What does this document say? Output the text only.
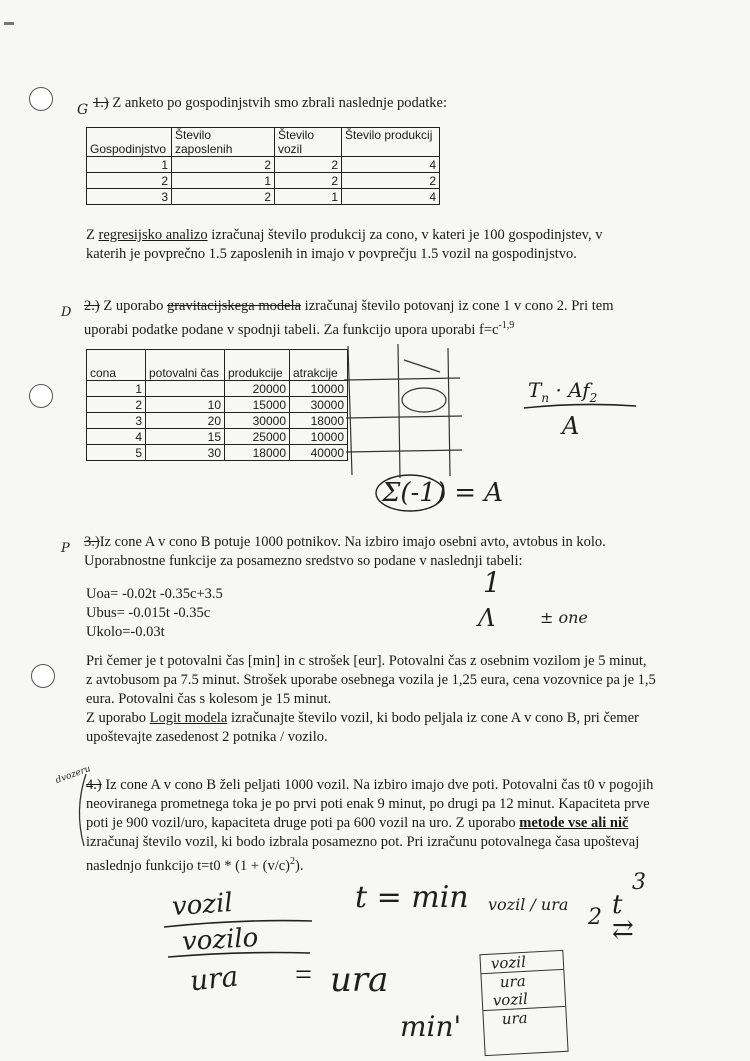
G 1.) Z anketo po gospodinjstvih smo zbrali naslednje podatke:
Gospodinjstvo	Število zaposlenih	Število vozil	Število produkcij
1	2	2	4
2	1	2	2
3	2	1	4
Z regresijsko analizo izračunaj število produkcij za cono, v kateri je 100 gospodinjstev, v katerih je povprečno 1.5 zaposlenih in imajo v povprečju 1.5 vozil na gospodinjstvo.
D 2.) Z uporabo gravitacijskega modela izračunaj število potovanj iz cone 1 v cono 2. Pri tem
uporabi podatke podane v spodnji tabeli. Za funkcijo upora uporabi $f=c^{-1,9}$
cona	potovalni čas	produkcije	atrakcije
1		20000	10000
2	10	15000	30000
3	20	30000	18000
4	15	25000	10000
5	30	18000	40000
$T_n \cdot Af_2$
A
Σ(-1) = A
P 3.)Iz cone A v cono B potuje 1000 potnikov. Na izbiro imajo osebni avto, avtobus in kolo. Uporabnostne funkcije za posamezno sredstvo so podane v naslednji tabeli:
Uoa= -0.02t -0.35c+3.5
Ubus= -0.015t -0.35c
Ukolo=-0.03t
1
Λ	± one
Pri čemer je t potovalni čas [min] in c strošek [eur]. Potovalni čas z osebnim vozilom je 5 minut, z avtobusom pa 7.5 minut. Strošek uporabe osebnega vozila je 1,25 eura, cena vozovnice pa je 1,5 eura. Potovalni čas s kolesom je 15 minut.
Z uporabo Logit modela izračunajte število vozil, ki bodo peljala iz cone A v cono B, pri čemer upoštevajte zasedenost 2 potnika / vozilo.
dvozeru
4.) Iz cone A v cono B želi peljati 1000 vozil. Na izbiro imajo dve poti. Potovalni čas t0 v pogojih neoviranega prometnega toka je po prvi poti enak 9 minut, po drugi pa 12 minut. Kapaciteta prve poti je 900 vozil/uro, kapaciteta druge poti pa 600 vozil na uro. Z uporabo metode vse ali nič izračunaj število vozil, ki bodo izbrala posamezno pot. Pri izračunu potovalnega časa upoštevaj naslednjo funkcijo $t=t0 * (1 + (v/c)^2)$.
vozil
vozilo
ura
t = min vozil / ura
3
2 t
⇄
ura
=
min'
vozil
ura
vozil
ura
